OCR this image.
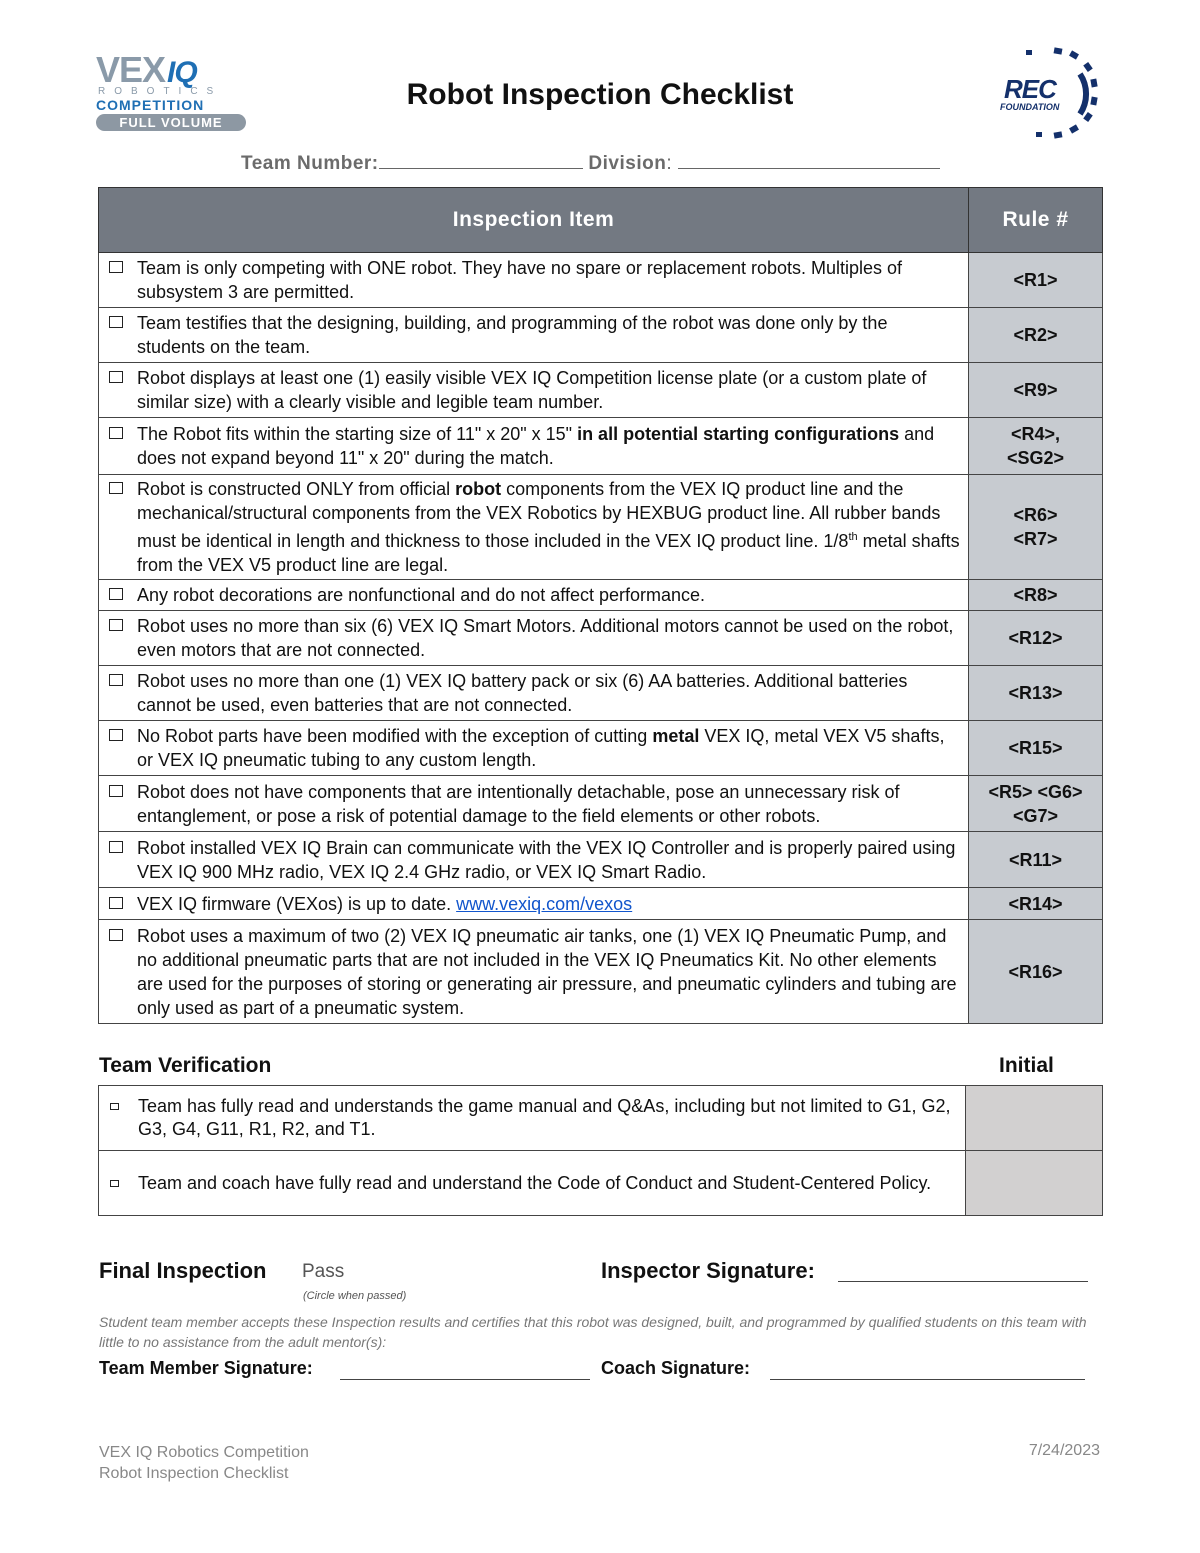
VEXIQ
ROBOTICS
COMPETITION
FULL VOLUME
Robot Inspection Checklist	REC
FOUNDATION
Team Number:	Division:
Inspection Item	Rule #

Team is only competing with ONE robot. They have no spare or replacement robots. Multiples of subsystem 3 are permitted.	<R1>

Team testifies that the designing, building, and programming of the robot was done only by the students on the team.	<R2>

Robot displays at least one (1) easily visible VEX IQ Competition license plate (or a custom plate of similar size) with a clearly visible and legible team number.	<R9>

The Robot fits within the starting size of 11" x 20" x 15" in all potential starting configurations and does not expand beyond 11" x 20" during the match.	<R4>,
<SG2>

Robot is constructed ONLY from official robot components from the VEX IQ product line and the mechanical/structural components from the VEX Robotics by HEXBUG product line. All rubber bands must be identical in length and thickness to those included in the VEX IQ product line. 1/8th metal shafts from the VEX V5 product line are legal.	<R6>
<R7>

Any robot decorations are nonfunctional and do not affect performance.	<R8>

Robot uses no more than six (6) VEX IQ Smart Motors. Additional motors cannot be used on the robot, even motors that are not connected.	<R12>

Robot uses no more than one (1) VEX IQ battery pack or six (6) AA batteries. Additional batteries cannot be used, even batteries that are not connected.	<R13>

No Robot parts have been modified with the exception of cutting metal VEX IQ, metal VEX V5 shafts, or VEX IQ pneumatic tubing to any custom length.	<R15>

Robot does not have components that are intentionally detachable, pose an unnecessary risk of entanglement, or pose a risk of potential damage to the field elements or other robots.	<R5> <G6>
<G7>

Robot installed VEX IQ Brain can communicate with the VEX IQ Controller and is properly paired using VEX IQ 900 MHz radio, VEX IQ 2.4 GHz radio, or VEX IQ Smart Radio.	<R11>

VEX IQ firmware (VEXos) is up to date. www.vexiq.com/vexos	<R14>

Robot uses a maximum of two (2) VEX IQ pneumatic air tanks, one (1) VEX IQ Pneumatic Pump, and no additional pneumatic parts that are not included in the VEX IQ Pneumatics Kit. No other elements are used for the purposes of storing or generating air pressure, and pneumatic cylinders and tubing are only used as part of a pneumatic system.	<R16>
Team Verification	Initial
Team has fully read and understands the game manual and Q&As, including but not limited to G1, G2, G3, G4, G11, R1, R2, and T1.	

Team and coach have fully read and understand the Code of Conduct and Student-Centered Policy.	

Final Inspection Pass
(Circle when passed)
Inspector Signature:
Student team member accepts these Inspection results and certifies that this robot was designed, built, and programmed by qualified students on this team with little to no assistance from the adult mentor(s):
Team Member Signature:	Coach Signature:
VEX IQ Robotics Competition
Robot Inspection Checklist
7/24/2023
